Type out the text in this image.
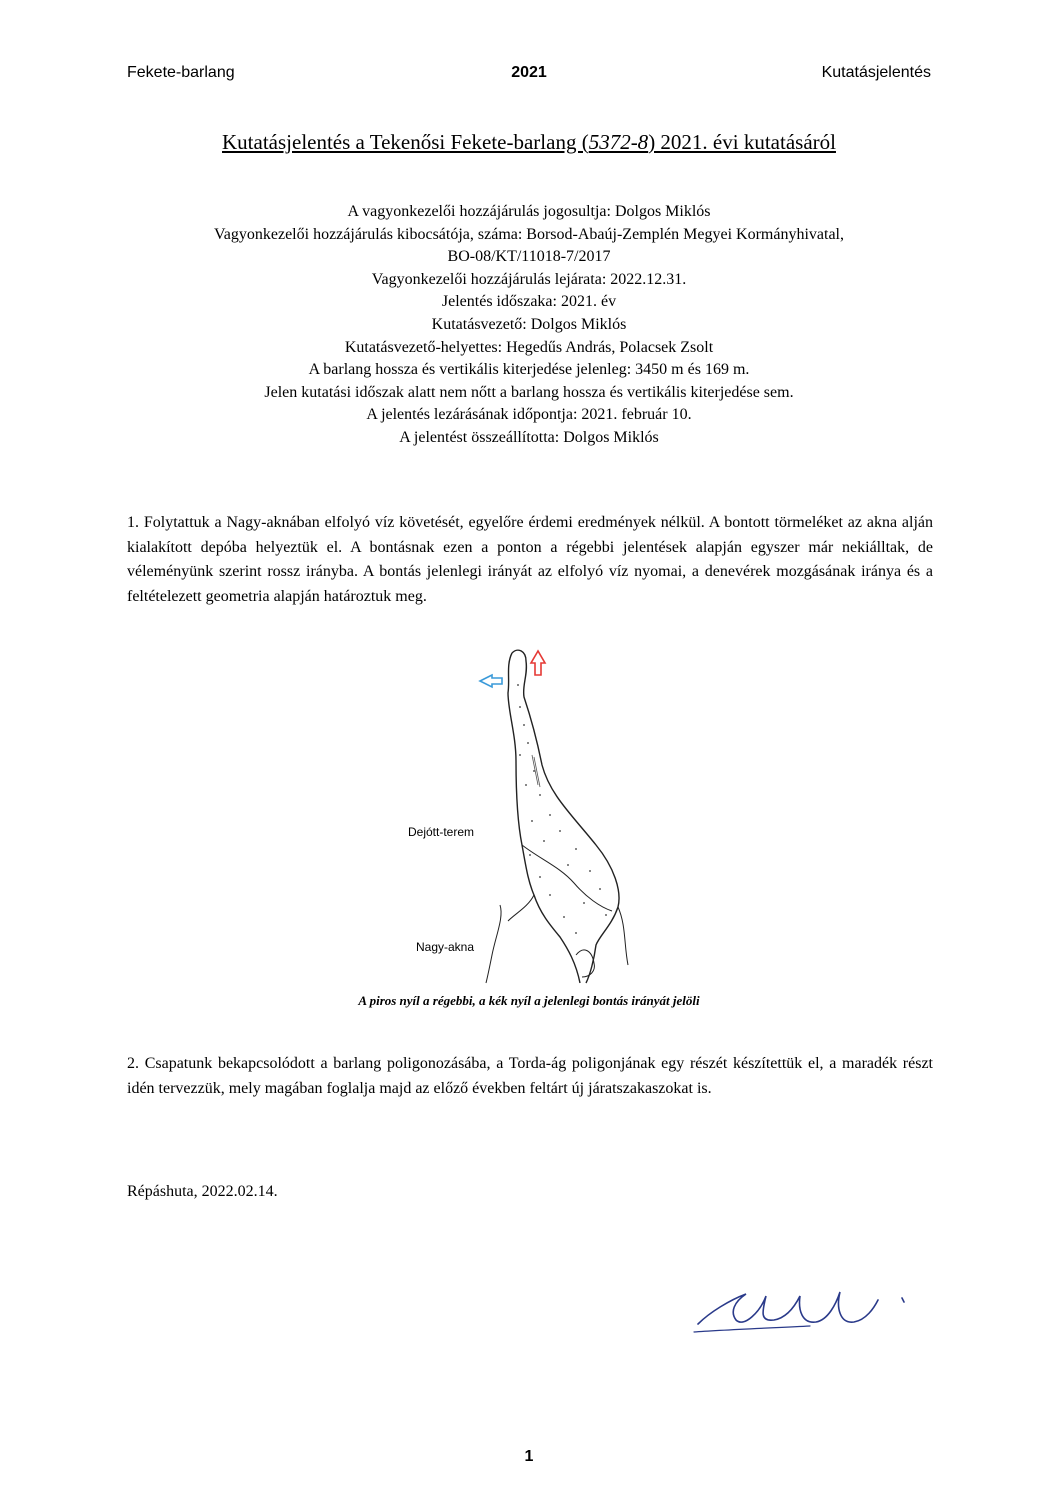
Fekete-barlang	2021	Kutatásjelentés
Kutatásjelentés a Tekenősi Fekete-barlang (5372-8) 2021. évi kutatásáról
A vagyonkezelői hozzájárulás jogosultja: Dolgos Miklós
Vagyonkezelői hozzájárulás kibocsátója, száma: Borsod-Abaúj-Zemplén Megyei Kormányhivatal,
BO-08/KT/11018-7/2017
Vagyonkezelői hozzájárulás lejárata: 2022.12.31.
Jelentés időszaka: 2021. év
Kutatásvezető: Dolgos Miklós
Kutatásvezető-helyettes: Hegedűs András, Polacsek Zsolt
A barlang hossza és vertikális kiterjedése jelenleg: 3450 m és 169 m.
Jelen kutatási időszak alatt nem nőtt a barlang hossza és vertikális kiterjedése sem.
A jelentés lezárásának időpontja: 2021. február 10.
A jelentést összeállította: Dolgos Miklós
1. Folytattuk a Nagy-aknában elfolyó víz követését, egyelőre érdemi eredmények nélkül. A bontott törmeléket az akna alján kialakított depóba helyeztük el. A bontásnak ezen a ponton a régebbi jelentések alapján egyszer már nekiálltak, de véleményünk szerint rossz irányba. A bontás jelenlegi irányát az elfolyó víz nyomai, a denevérek mozgásának iránya és a feltételezett geometria alapján határoztuk meg.
Dejótt-terem
Nagy-akna
A piros nyíl a régebbi, a kék nyíl a jelenlegi bontás irányát jelöli
2. Csapatunk bekapcsolódott a barlang poligonozásába, a Torda-ág poligonjának egy részét készítettük el, a maradék részt idén tervezzük, mely magában foglalja majd az előző években feltárt új járatszakaszokat is.
Répáshuta, 2022.02.14.
1
